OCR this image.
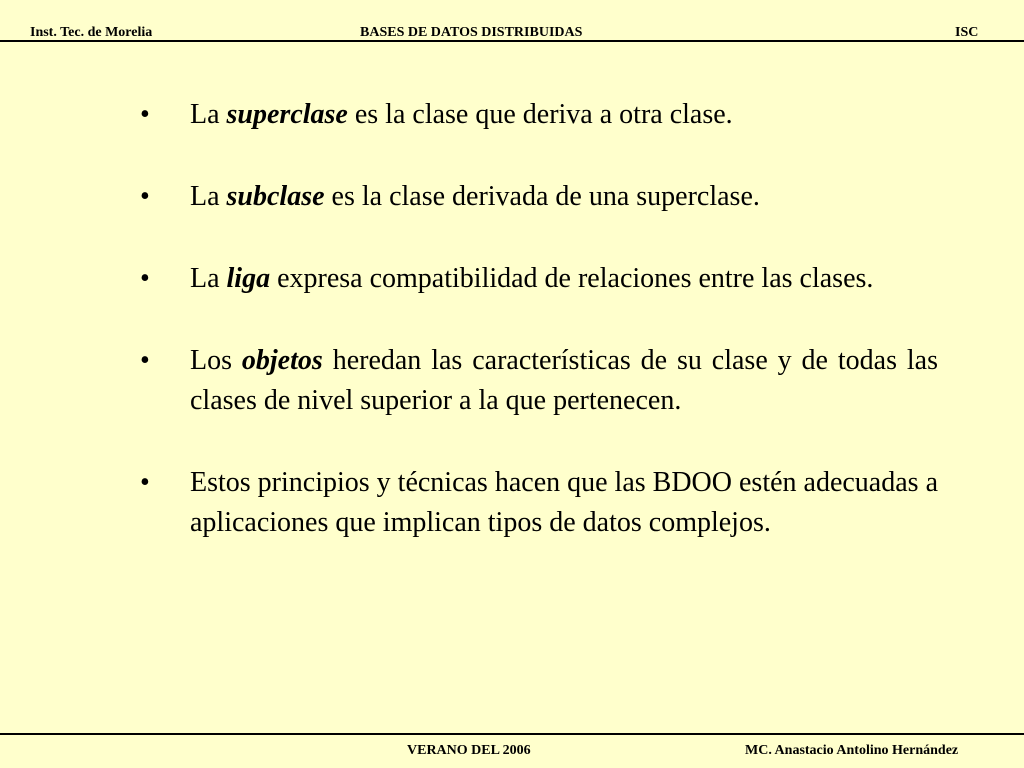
Inst. Tec. de Morelia	BASES DE DATOS DISTRIBUIDAS	ISC
•	La superclase es la clase que deriva a otra clase.
•	La subclase es la clase derivada de una superclase.
•	La liga expresa compatibilidad de relaciones entre las clases.
•	Los objetos heredan las características de su clase y de todas las clases de nivel superior a la que pertenecen.
•	Estos principios y técnicas hacen que las BDOO estén adecuadas a aplicaciones que implican tipos de datos complejos.
VERANO DEL 2006	MC. Anastacio Antolino Hernández
